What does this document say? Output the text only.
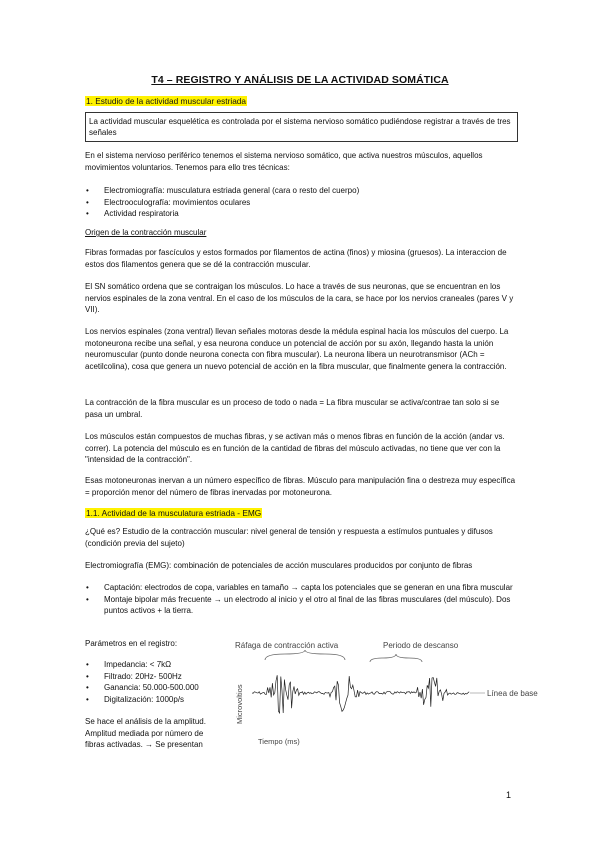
T4 – REGISTRO Y ANÁLISIS DE LA ACTIVIDAD SOMÁTICA
1. Estudio de la actividad muscular estriada
La actividad muscular esquelética es controlada por el sistema nervioso somático pudiéndose registrar a través de tres señales

En el sistema nervioso periférico tenemos el sistema nervioso somático, que activa nuestros músculos, aquellos movimientos voluntarios. Tenemos para ello tres técnicas:

• Electromiografía: musculatura estriada general (cara o resto del cuerpo)
• Electrooculografía: movimientos oculares
• Actividad respiratoria
Origen de la contracción muscular

Fibras formadas por fascículos y estos formados por filamentos de actina (finos) y miosina (gruesos). La interaccion de estos dos filamentos genera que se dé la contracción muscular.

El SN somático ordena que se contraigan los músculos. Lo hace a través de sus neuronas, que se encuentran en los nervios espinales de la zona ventral. En el caso de los músculos de la cara, se hace por los nervios craneales (pares V y VII).

Los nervios espinales (zona ventral) llevan señales motoras desde la médula espinal hacia los músculos del cuerpo. La motoneurona recibe una señal, y esa neurona conduce un potencial de acción por su axón, llegando hasta la unión neuromuscular (punto donde neurona conecta con fibra muscular). La neurona libera un neurotransmisor (ACh = acetilcolina), cosa que genera un nuevo potencial de acción en la fibra muscular, que finalmente genera la contracción.

La contracción de la fibra muscular es un proceso de todo o nada = La fibra muscular se activa/contrae tan solo si se pasa un umbral.

Los músculos están compuestos de muchas fibras, y se activan más o menos fibras en función de la acción (andar vs. correr). La potencia del músculo es en función de la cantidad de fibras del músculo activadas, no tiene que ver con la "intensidad de la contracción".

Esas motoneuronas inervan a un número específico de fibras. Músculo para manipulación fina o destreza muy específica = proporción menor del número de fibras inervadas por motoneurona.

1.1. Actividad de la musculatura estriada - EMG

¿Qué es? Estudio de la contracción muscular: nivel general de tensión y respuesta a estímulos puntuales y difusos (condición previa del sujeto)

Electromiografía (EMG): combinación de potenciales de acción musculares producidos por conjunto de fibras

• Captación: electrodos de copa, variables en tamaño → capta los potenciales que se generan en una fibra muscular
• Montaje bipolar más frecuente → un electrodo al inicio y el otro al final de las fibras musculares (del músculo). Dos puntos activos + la tierra.
Parámetros en el registro:
• Impedancia: < 7kΩ
• Filtrado: 20Hz- 500Hz
• Ganancia: 50.000-500.000
• Digitalización: 1000p/s

Se hace el análisis de la amplitud. Amplitud mediada por número de fibras activadas. → Se presentan

Ráfaga de contracción activa	Periodo de descanso
Microvoltios
Tiempo (ms)
Línea de base
1
